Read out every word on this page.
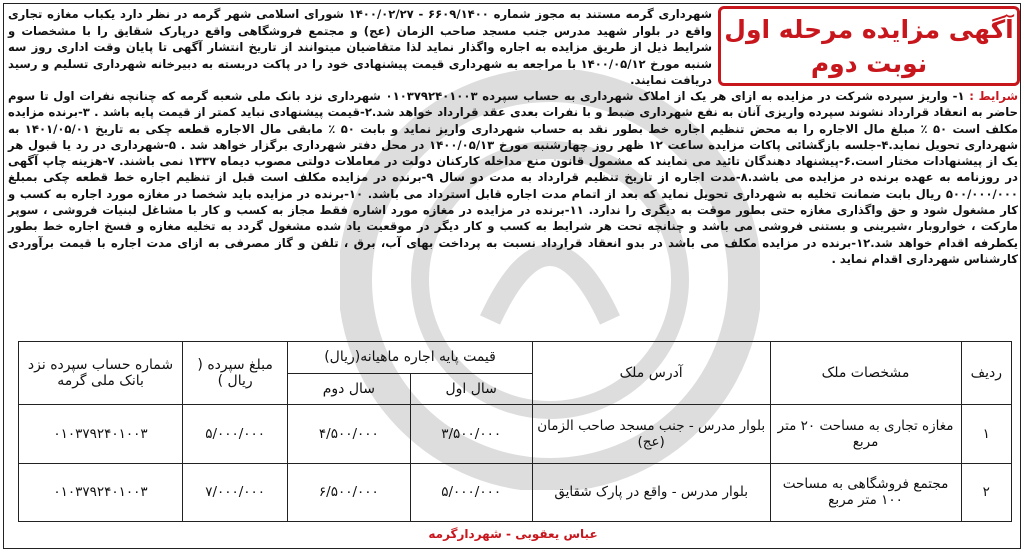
آگهی مزایده مرحله اول
نوبت دوم
شهرداری گرمه مستند به مجوز شماره ۶۶۰۹/۱۴۰۰ - ۱۴۰۰/۰۲/۲۷ شورای اسلامی شهر گرمه در نظر دارد یکباب مغازه تجاری واقع در بلوار شهید مدرس جنب مسجد صاحب الزمان (عج) و مجتمع فروشگاهی واقع درپارک شقایق را با مشخصات و شرایط ذیل از طریق مزایده به اجاره واگذار نماید لذا متقاضیان میتوانند از تاریخ انتشار آگهی تا پایان وقت اداری روز سه شنبه مورخ ۱۴۰۰/۰۵/۱۲ با مراجعه به شهرداری قیمت پیشنهادی خود را در پاکت دربسته به دبیرخانه شهرداری تسلیم و رسید دریافت نمایند.
شرایط : ۱- واریز سپرده شرکت در مزایده به ازای هر یک از املاک شهرداری به حساب سپرده ۰۱۰۳۷۹۲۴۰۱۰۰۳ شهرداری نزد بانک ملی شعبه گرمه که چنانچه نفرات اول تا سوم حاضر به انعقاد قرارداد نشوند سپرده واریزی آنان به نفع شهرداری ضبط و با نفرات بعدی عقد قرارداد خواهد شد.۲-قیمت پیشنهادی نباید کمتر از قیمت پایه باشد . ۳-برنده مزایده مکلف است ۵۰ ٪ مبلغ مال الاجاره را به محض تنظیم اجاره خط بطور نقد به حساب شهرداری واریز نماید و بابت ۵۰ ٪ مابقی مال الاجاره قطعه چکی به تاریخ ۱۴۰۱/۰۵/۰۱ به شهرداری تحویل نماید.۴-جلسه بازگشائی پاکات مزایده ساعت ۱۲ ظهر روز چهارشنبه مورخ ۱۴۰۰/۰۵/۱۳ در محل دفتر شهرداری برگزار خواهد شد . ۵-شهرداری در رد یا قبول هر یک از پیشنهادات مختار است.۶-پیشنهاد دهندگان تائید می نمایند که مشمول قانون منع مداخله کارکنان دولت در معاملات دولتی مصوب دیماه ۱۳۳۷ نمی باشند. ۷-هزینه چاپ آگهی در روزنامه به عهده برنده در مزایده می باشد.۸-مدت اجاره از تاریخ تنظیم قرارداد به مدت دو سال ۹-برنده در مزایده مکلف است قبل از تنظیم اجاره خط قطعه چکی بمبلغ ۵۰۰/۰۰۰/۰۰۰ ریال بابت ضمانت تخلیه به شهرداری تحویل نماید که بعد از اتمام مدت اجاره قابل استرداد می باشد. ۱۰-برنده در مزایده باید شخصا در مغازه مورد اجاره به کسب و کار مشغول شود و حق واگذاری مغازه حتی بطور موقت به دیگری را ندارد. ۱۱-برنده در مزایده در مغازه مورد اشاره فقط مجاز به کسب و کار با مشاغل لبنیات فروشی ، سوپر مارکت ، خواروبار ،شیرینی و بستنی فروشی می باشد و چنانچه تحت هر شرایط به کسب و کار دیگر در موقعیت یاد شده مشغول گردد به تخلیه مغازه و فسخ اجاره خط بطور یکطرفه اقدام خواهد شد.۱۲-برنده در مزایده مکلف می باشد در بدو انعقاد قرارداد نسبت به پرداخت بهای آب، برق ، تلفن و گاز مصرفی به ازای مدت اجاره با قیمت برآوردی کارشناس شهرداری اقدام نماید .
ردیف	مشخصات ملک	آدرس ملک	قیمت پایه اجاره ماهیانه(ریال)		مبلغ سپرده ( ریال )	شماره حساب سپرده نزد بانک ملی گرمه
			سال اول	سال دوم		
۱	مغازه تجاری به مساحت ۲۰ متر مربع	بلوار مدرس - جنب مسجد صاحب الزمان (عج)	۳/۵۰۰/۰۰۰	۴/۵۰۰/۰۰۰	۵/۰۰۰/۰۰۰	۰۱۰۳۷۹۲۴۰۱۰۰۳
۲	مجتمع فروشگاهی به مساحت ۱۰۰ متر مربع	بلوار مدرس - واقع در پارک شقایق	۵/۰۰۰/۰۰۰	۶/۵۰۰/۰۰۰	۷/۰۰۰/۰۰۰	۰۱۰۳۷۹۲۴۰۱۰۰۳
عباس یعقوبی - شهردارگرمه
